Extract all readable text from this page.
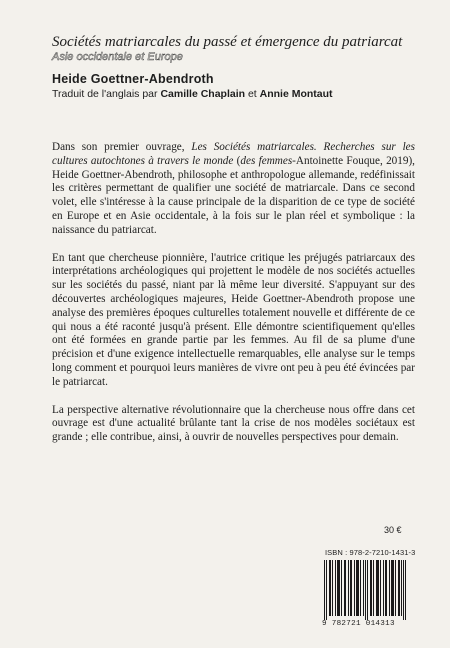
Sociétés matriarcales du passé et émergence du patriarcat

Asie occidentale et Europe

Heide Goettner-Abendroth

Traduit de l'anglais par Camille Chaplain et Annie Montaut

Dans son premier ouvrage, Les Sociétés matriarcales. Recherches sur les cultures autochtones à travers le monde (des femmes-Antoinette Fouque, 2019), Heide Goettner-Abendroth, philosophe et anthropologue allemande, redéfinissait les critères permettant de qualifier une société de matriarcale. Dans ce second volet, elle s'intéresse à la cause principale de la disparition de ce type de société en Europe et en Asie occidentale, à la fois sur le plan réel et symbolique : la naissance du patriarcat.

En tant que chercheuse pionnière, l'autrice critique les préjugés patriarcaux des interprétations archéologiques qui projettent le modèle de nos sociétés actuelles sur les sociétés du passé, niant par là même leur diversité. S'appuyant sur des découvertes archéologiques majeures, Heide Goettner-Abendroth propose une analyse des premières époques culturelles totalement nouvelle et différente de ce qui nous a été raconté jusqu'à présent. Elle démontre scientifiquement qu'elles ont été formées en grande partie par les femmes. Au fil de sa plume d'une précision et d'une exigence intellectuelle remarquables, elle analyse sur le temps long comment et pourquoi leurs manières de vivre ont peu à peu été évincées par le patriarcat.

La perspective alternative révolutionnaire que la chercheuse nous offre dans cet ouvrage est d'une actualité brûlante tant la crise de nos modèles sociétaux est grande ; elle contribue, ainsi, à ouvrir de nouvelles perspectives pour demain.

30 €
ISBN : 978-2-7210-1431-3
9 782721 014313
